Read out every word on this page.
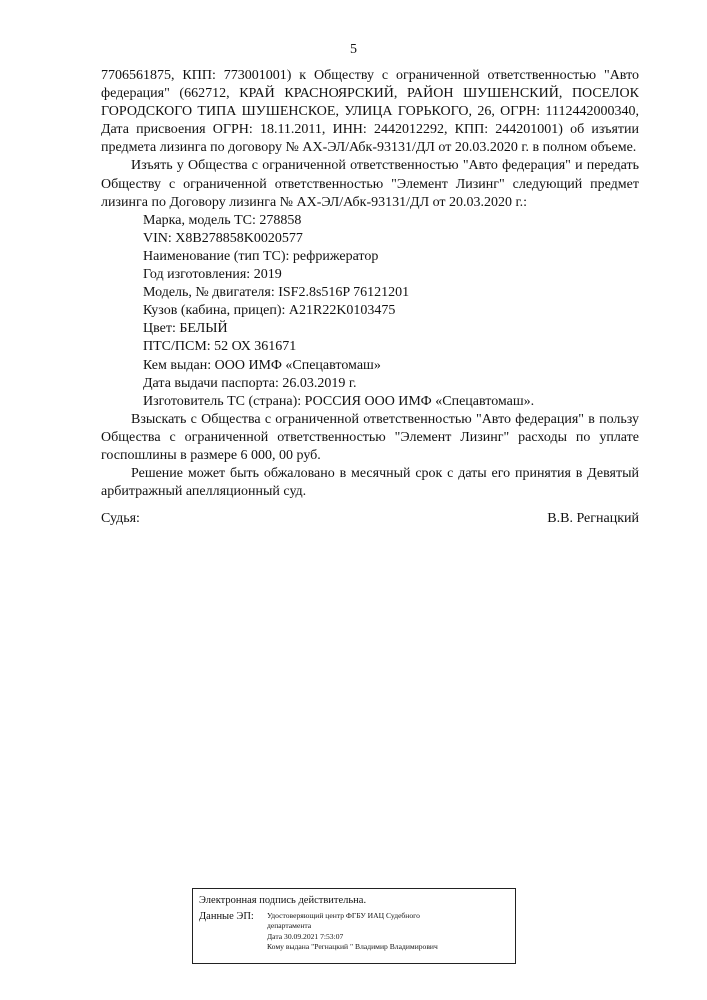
5

7706561875, КПП: 773001001) к Обществу с ограниченной ответственностью "Авто федерация" (662712, КРАЙ КРАСНОЯРСКИЙ, РАЙОН ШУШЕНСКИЙ, ПОСЕЛОК ГОРОДСКОГО ТИПА ШУШЕНСКОЕ, УЛИЦА ГОРЬКОГО, 26, ОГРН: 1112442000340, Дата присвоения ОГРН: 18.11.2011, ИНН: 2442012292, КПП: 244201001) об изъятии предмета лизинга по договору № АХ-ЭЛ/Абк-93131/ДЛ от 20.03.2020 г. в полном объеме.

Изъять у Общества с ограниченной ответственностью "Авто федерация" и передать Обществу с ограниченной ответственностью "Элемент Лизинг" следующий предмет лизинга по Договору лизинга № АХ-ЭЛ/Абк-93131/ДЛ от 20.03.2020 г.:

Марка, модель ТС: 278858

VIN: X8B278858K0020577

Наименование (тип ТС): рефрижератор

Год изготовления: 2019

Модель, № двигателя: ISF2.8s516P 76121201

Кузов (кабина, прицеп): A21R22K0103475

Цвет: БЕЛЫЙ

ПТС/ПСМ: 52 ОХ 361671

Кем выдан: ООО ИМФ «Спецавтомаш»

Дата выдачи паспорта: 26.03.2019 г.

Изготовитель ТС (страна): РОССИЯ ООО ИМФ «Спецавтомаш».

Взыскать с Общества с ограниченной ответственностью "Авто федерация" в пользу Общества с ограниченной ответственностью "Элемент Лизинг" расходы по уплате госпошлины в размере 6 000, 00 руб.

Решение может быть обжаловано в месячный срок с даты его принятия в Девятый арбитражный апелляционный суд.

Судья:	В.В. Регнацкий

Электронная подпись действительна.

Данные ЭП:	Удостоверяющий центр ФГБУ ИАЦ Судебного
департамента
Дата 30.09.2021 7:53:07
Кому выдана "Регнацкий " Владимир Владимирович
